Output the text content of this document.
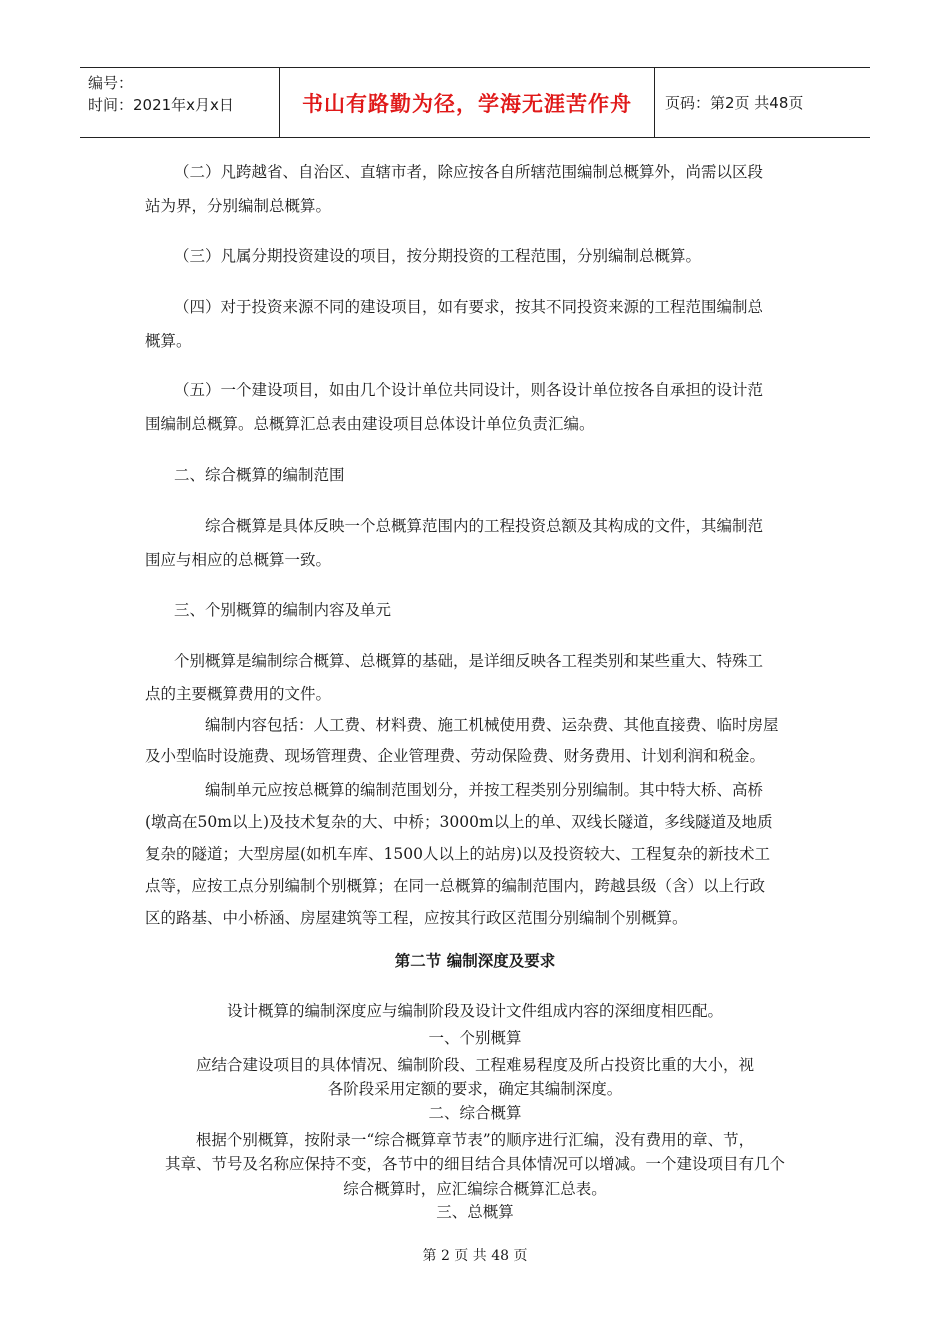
编号：
时间：2021年x月x日	书山有路勤为径，学海无涯苦作舟 页码：第2页 共48页
（二）凡跨越省、自治区、直辖市者，除应按各自所辖范围编制总概算外，尚需以区段
站为界，分别编制总概算。
（三）凡属分期投资建设的项目，按分期投资的工程范围，分别编制总概算。
（四）对于投资来源不同的建设项目，如有要求，按其不同投资来源的工程范围编制总
概算。
（五）一个建设项目，如由几个设计单位共同设计，则各设计单位按各自承担的设计范
围编制总概算。总概算汇总表由建设项目总体设计单位负责汇编。
二、综合概算的编制范围
综合概算是具体反映一个总概算范围内的工程投资总额及其构成的文件，其编制范
围应与相应的总概算一致。
三、个别概算的编制内容及单元
个别概算是编制综合概算、总概算的基础，是详细反映各工程类别和某些重大、特殊工
点的主要概算费用的文件。
编制内容包括：人工费、材料费、施工机械使用费、运杂费、其他直接费、临时房屋
及小型临时设施费、现场管理费、企业管理费、劳动保险费、财务费用、计划利润和税金。
编制单元应按总概算的编制范围划分，并按工程类别分别编制。其中特大桥、高桥
(墩高在50m以上)及技术复杂的大、中桥；3000m以上的单、双线长隧道，多线隧道及地质
复杂的隧道；大型房屋(如机车库、1500人以上的站房)以及投资较大、工程复杂的新技术工
点等，应按工点分别编制个别概算；在同一总概算的编制范围内，跨越县级（含）以上行政
区的路基、中小桥涵、房屋建筑等工程，应按其行政区范围分别编制个别概算。
第二节 编制深度及要求
设计概算的编制深度应与编制阶段及设计文件组成内容的深细度相匹配。
一、个别概算
应结合建设项目的具体情况、编制阶段、工程难易程度及所占投资比重的大小，视
各阶段采用定额的要求，确定其编制深度。
二、综合概算
根据个别概算，按附录一“综合概算章节表”的顺序进行汇编，没有费用的章、节，
其章、节号及名称应保持不变，各节中的细目结合具体情况可以增减。一个建设项目有几个
综合概算时，应汇编综合概算汇总表。
三、总概算
第 2 页 共 48 页
